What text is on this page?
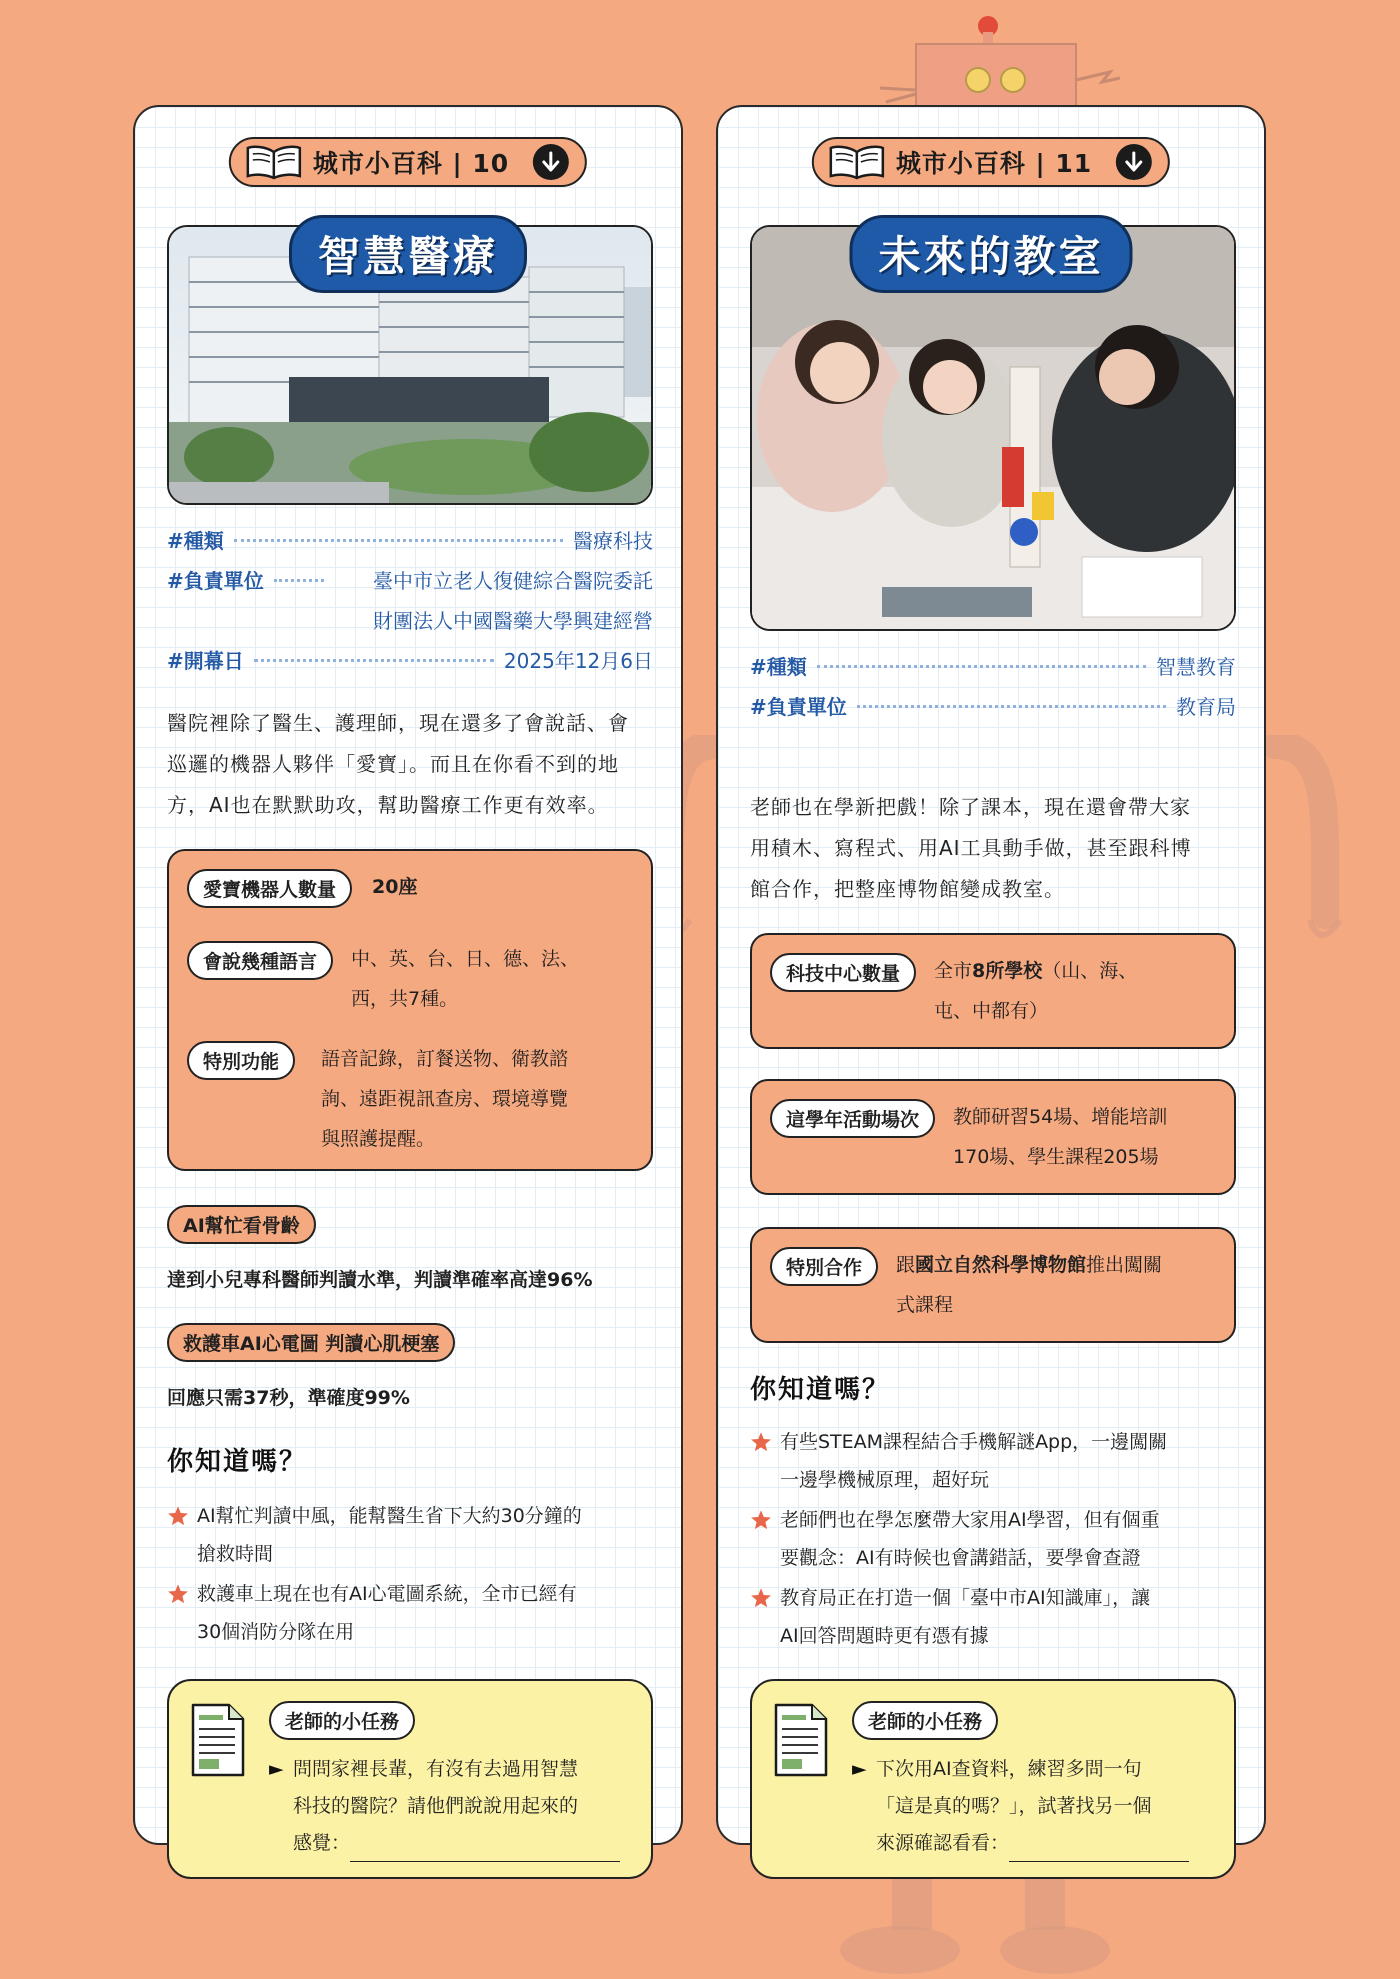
城市小百科 | 10
智慧醫療
#種類	醫療科技
#負責單位	臺中市立老人復健綜合醫院委託
財團法人中國醫藥大學興建經營
#開幕日	2025年12月6日
醫院裡除了醫生、護理師，現在還多了會說話、會
巡邏的機器人夥伴「愛寶」。而且在你看不到的地
方，AI也在默默助攻，幫助醫療工作更有效率。
愛寶機器人數量	20座
會說幾種語言	中、英、台、日、德、法、
西，共7種。
特別功能	語音記錄，訂餐送物、衛教諮
詢、遠距視訊查房、環境導覽
與照護提醒。
AI幫忙看骨齡
達到小兒專科醫師判讀水準，判讀準確率高達96%
救護車AI心電圖 判讀心肌梗塞
回應只需37秒，準確度99%
你知道嗎？
AI幫忙判讀中風，能幫醫生省下大約30分鐘的
搶救時間
救護車上現在也有AI心電圖系統，全市已經有
30個消防分隊在用
老師的小任務
► 問問家裡長輩，有沒有去過用智慧
科技的醫院？請他們說說用起來的
感覺：
城市小百科 | 11
未來的教室
#種類	智慧教育
#負責單位	教育局
老師也在學新把戲！除了課本，現在還會帶大家
用積木、寫程式、用AI工具動手做，甚至跟科博
館合作，把整座博物館變成教室。
科技中心數量	全市8所學校（山、海、
屯、中都有）
這學年活動場次	教師研習54場、增能培訓
170場、學生課程205場
特別合作	跟國立自然科學博物館推出闖關
式課程
你知道嗎？
有些STEAM課程結合手機解謎App，一邊闖關
一邊學機械原理，超好玩
老師們也在學怎麼帶大家用AI學習，但有個重
要觀念：AI有時候也會講錯話，要學會查證
教育局正在打造一個「臺中市AI知識庫」，讓
AI回答問題時更有憑有據
老師的小任務
► 下次用AI查資料，練習多問一句
「這是真的嗎？」，試著找另一個
來源確認看看：
